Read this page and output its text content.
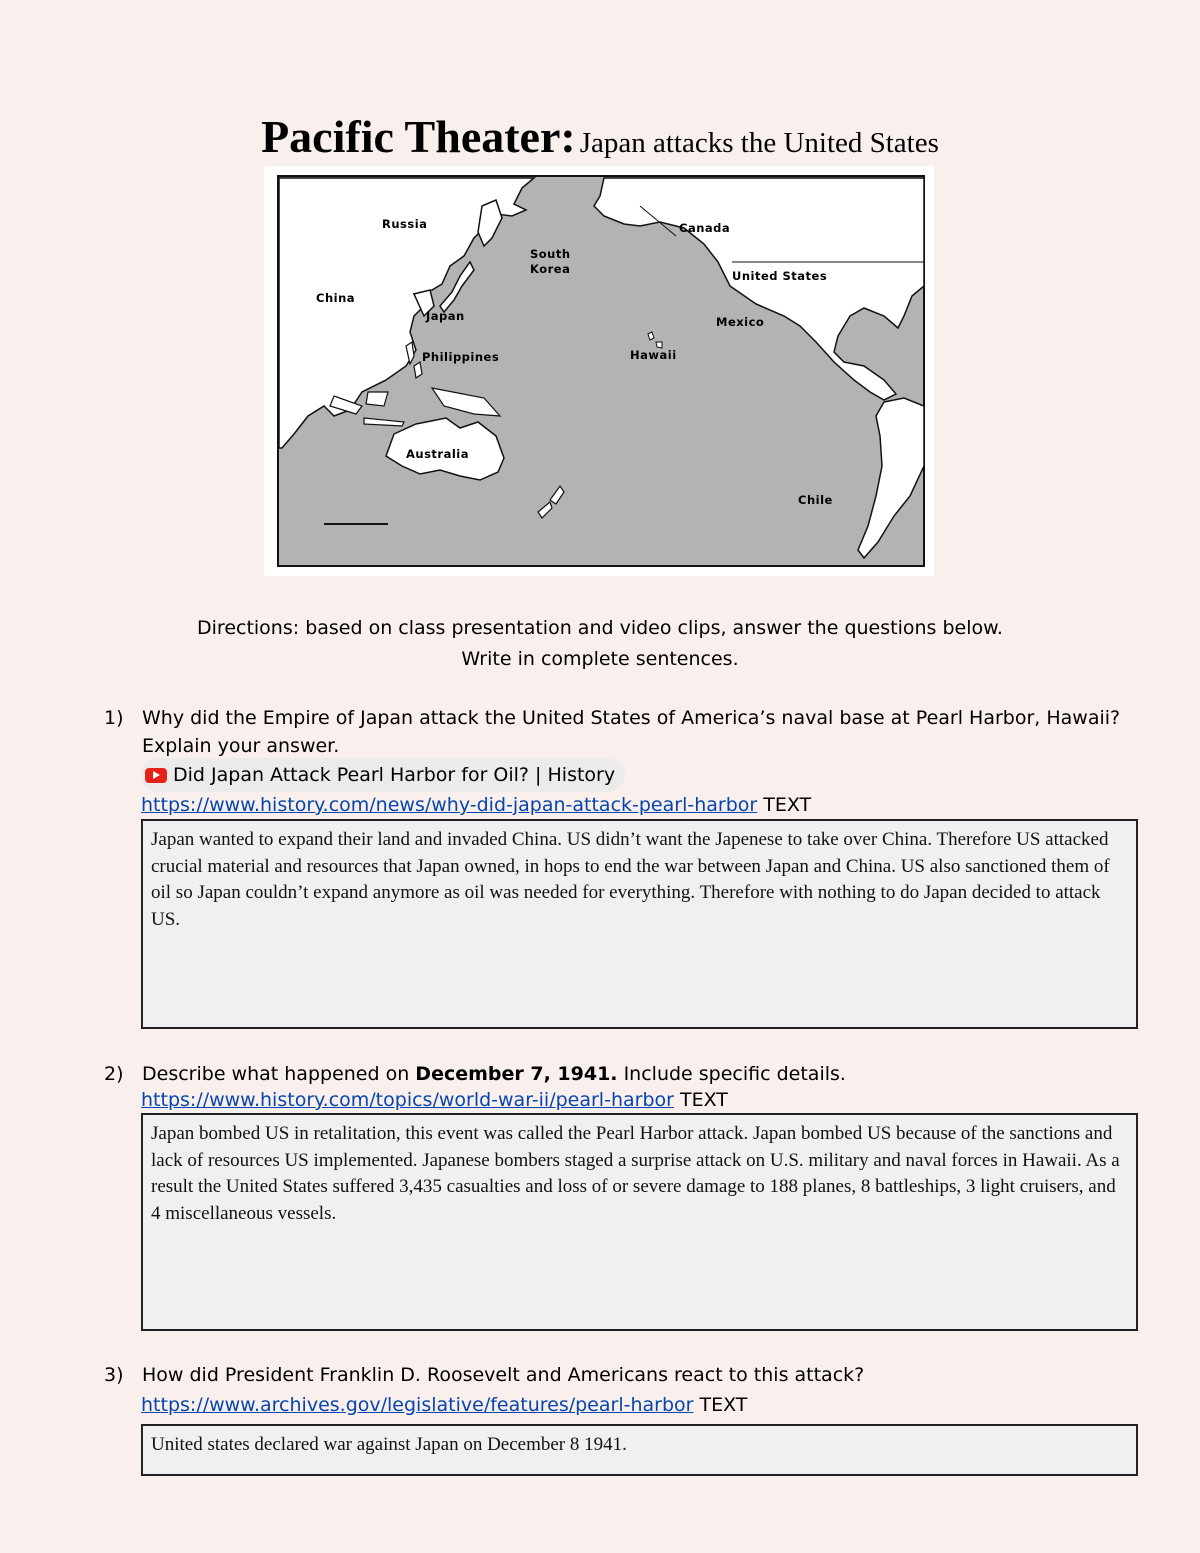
Pacific Theater: Japan attacks the United States
Russia	Canada
South Korea	United States
China
Japan	Mexico
Philippines	Hawaii
Australia
Chile
Directions: based on class presentation and video clips, answer the questions below.
Write in complete sentences.
1) Why did the Empire of Japan attack the United States of America’s naval base at Pearl Harbor, Hawaii? Explain your answer.
Did Japan Attack Pearl Harbor for Oil? | History
https://www.history.com/news/why-did-japan-attack-pearl-harbor TEXT
Japan wanted to expand their land and invaded China. US didn’t want the Japenese to take over China. Therefore US attacked crucial material and resources that Japan owned, in hops to end the war between Japan and China. US also sanctioned them of oil so Japan couldn’t expand anymore as oil was needed for everything. Therefore with nothing to do Japan decided to attack US.
2) Describe what happened on December 7, 1941. Include specific details.
https://www.history.com/topics/world-war-ii/pearl-harbor TEXT
Japan bombed US in retalitation, this event was called the Pearl Harbor attack. Japan bombed US because of the sanctions and lack of resources US implemented. Japanese bombers staged a surprise attack on U.S. military and naval forces in Hawaii. As a result the United States suffered 3,435 casualties and loss of or severe damage to 188 planes, 8 battleships, 3 light cruisers, and 4 miscellaneous vessels.
3) How did President Franklin D. Roosevelt and Americans react to this attack?
https://www.archives.gov/legislative/features/pearl-harbor TEXT
United states declared war against Japan on December 8 1941.
